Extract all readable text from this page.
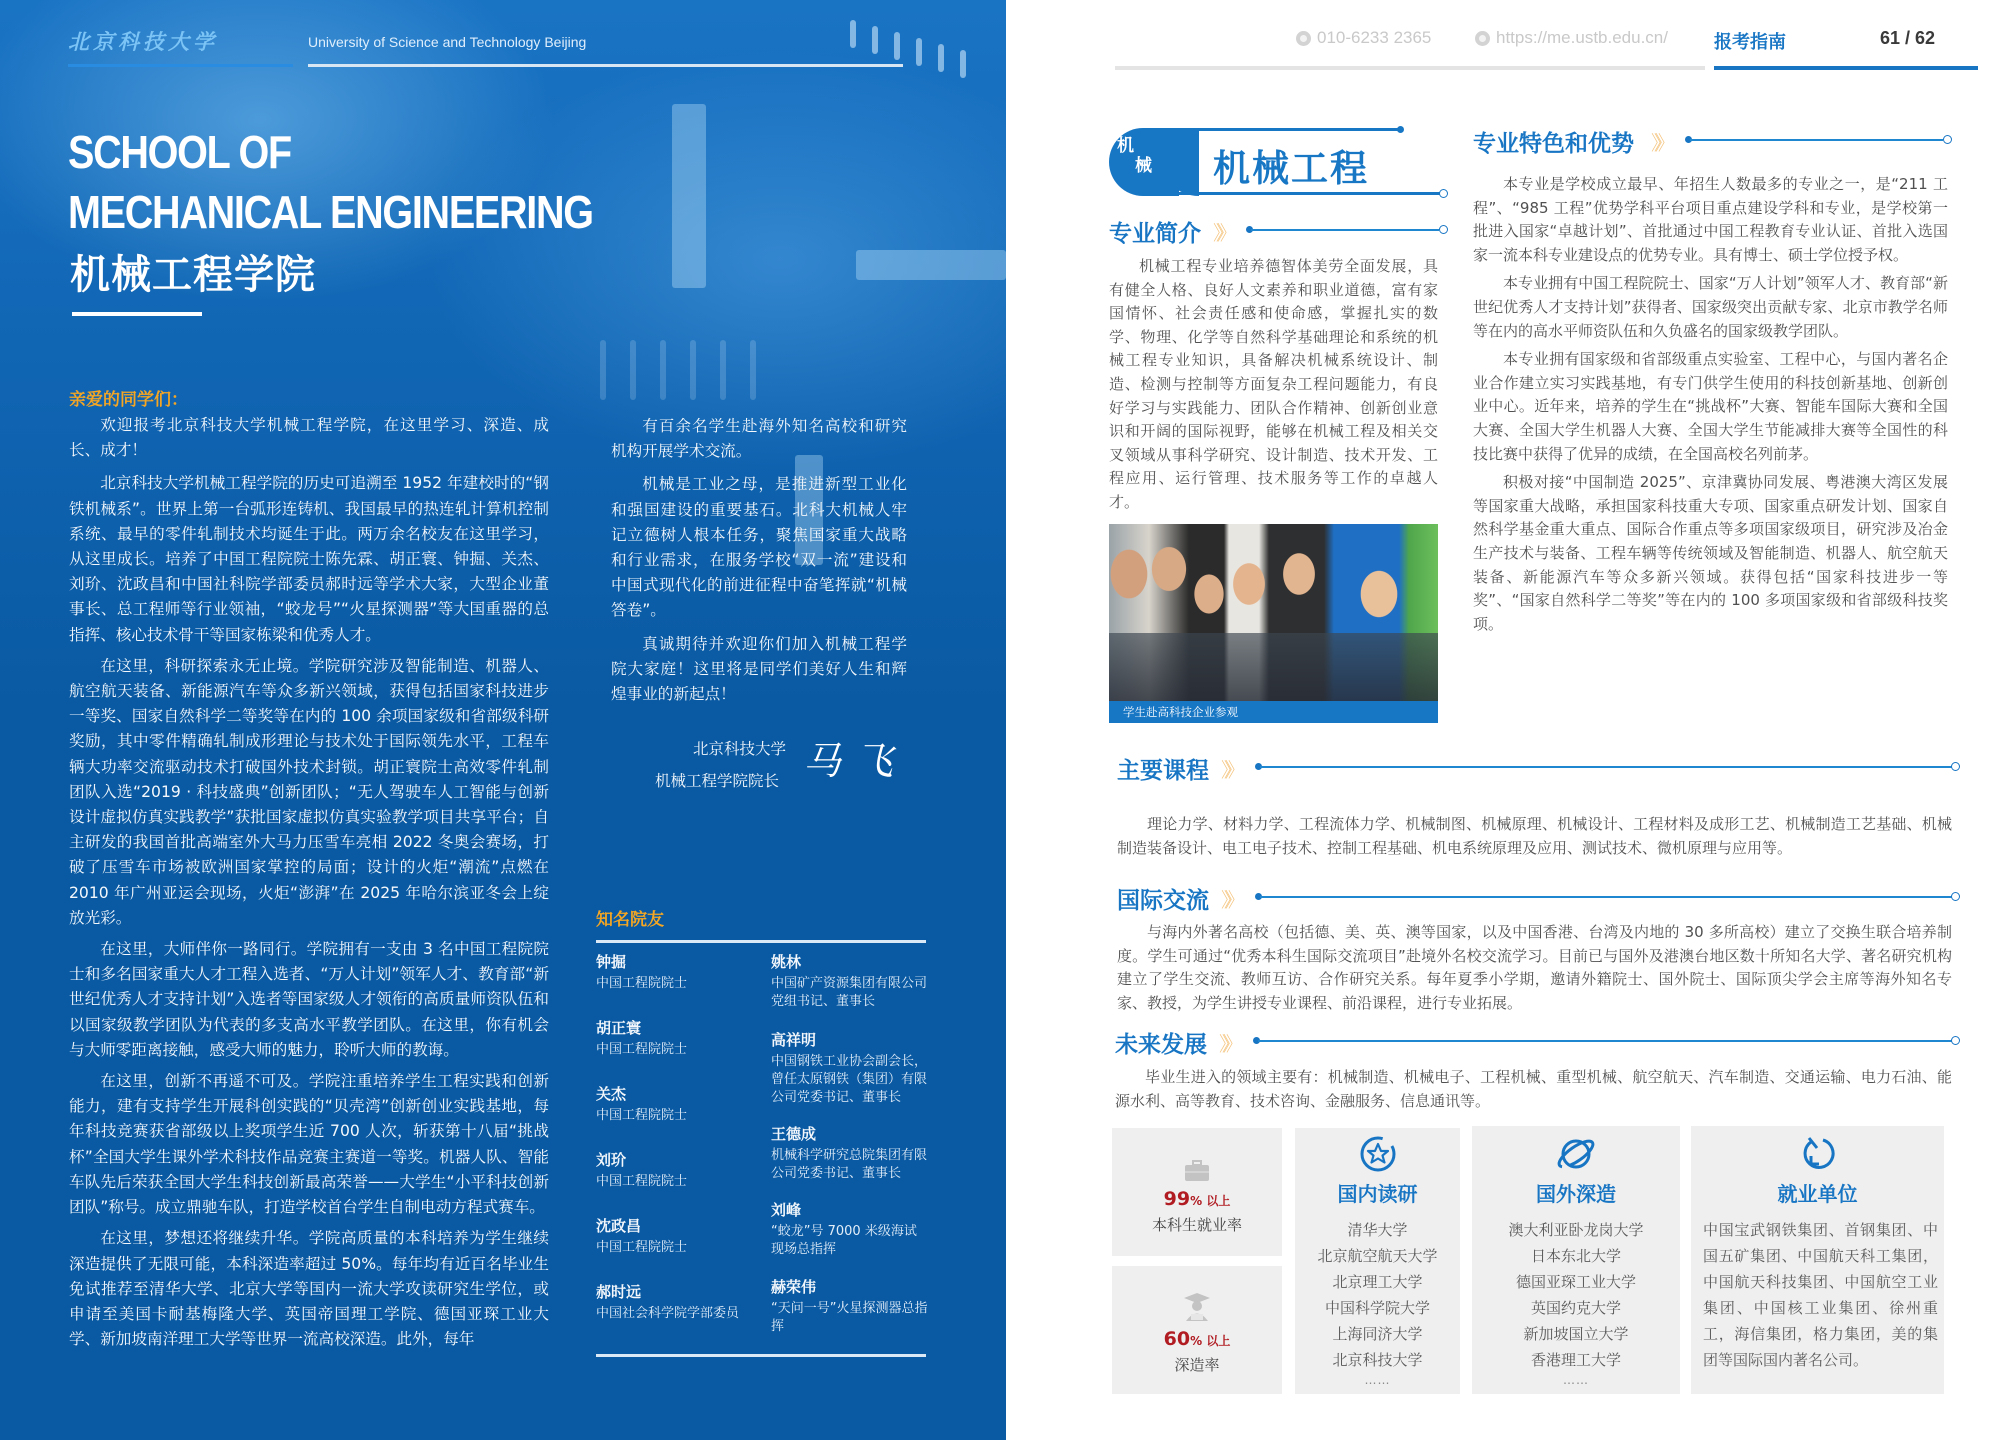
北京科技大学	University of Science and Technology Beijing
SCHOOL OF
MECHANICAL ENGINEERING
机械工程学院
亲爱的同学们：

欢迎报考北京科技大学机械工程学院，在这里学习、深造、成长、成才！

北京科技大学机械工程学院的历史可追溯至 1952 年建校时的“钢铁机械系”。世界上第一台弧形连铸机、我国最早的热连轧计算机控制系统、最早的零件轧制技术均诞生于此。两万余名校友在这里学习，从这里成长。培养了中国工程院院士陈先霖、胡正寰、钟掘、关杰、刘玠、沈政昌和中国社科院学部委员郝时远等学术大家，大型企业董事长、总工程师等行业领袖，“蛟龙号”“火星探测器”等大国重器的总指挥、核心技术骨干等国家栋梁和优秀人才。

在这里，科研探索永无止境。学院研究涉及智能制造、机器人、航空航天装备、新能源汽车等众多新兴领域，获得包括国家科技进步一等奖、国家自然科学二等奖等在内的 100 余项国家级和省部级科研奖励，其中零件精确轧制成形理论与技术处于国际领先水平，工程车辆大功率交流驱动技术打破国外技术封锁。胡正寰院士高效零件轧制团队入选“2019 · 科技盛典”创新团队；“无人驾驶车人工智能与创新设计虚拟仿真实践教学”获批国家虚拟仿真实验教学项目共享平台；自主研发的我国首批高端室外大马力压雪车亮相 2022 冬奥会赛场，打破了压雪车市场被欧洲国家掌控的局面；设计的火炬“潮流”点燃在 2010 年广州亚运会现场，火炬“澎湃”在 2025 年哈尔滨亚冬会上绽放光彩。

在这里，大师伴你一路同行。学院拥有一支由 3 名中国工程院院士和多名国家重大人才工程入选者、“万人计划”领军人才、教育部“新世纪优秀人才支持计划”入选者等国家级人才领衔的高质量师资队伍和以国家级教学团队为代表的多支高水平教学团队。在这里，你有机会与大师零距离接触，感受大师的魅力，聆听大师的教诲。

在这里，创新不再遥不可及。学院注重培养学生工程实践和创新能力，建有支持学生开展科创实践的“贝壳湾”创新创业实践基地，每年科技竞赛获省部级以上奖项学生近 700 人次，斩获第十八届“挑战杯”全国大学生课外学术科技作品竞赛主赛道一等奖。机器人队、智能车队先后荣获全国大学生科技创新最高荣誉——大学生“小平科技创新团队”称号。成立鼎驰车队，打造学校首台学生自制电动方程式赛车。

在这里，梦想还将继续升华。学院高质量的本科培养为学生继续深造提供了无限可能，本科深造率超过 50%。每年均有近百名毕业生免试推荐至清华大学、北京大学等国内一流大学攻读研究生学位，或申请至美国卡耐基梅隆大学、英国帝国理工学院、德国亚琛工业大学、新加坡南洋理工大学等世界一流高校深造。此外，每年

有百余名学生赴海外知名高校和研究机构开展学术交流。

机械是工业之母，是推进新型工业化和强国建设的重要基石。北科大机械人牢记立德树人根本任务，聚焦国家重大战略和行业需求，在服务学校“双一流”建设和中国式现代化的前进征程中奋笔挥就“机械答卷”。

真诚期待并欢迎你们加入机械工程学院大家庭！这里将是同学们美好人生和辉煌事业的新起点！

北京科技大学
机械工程学院院长 马飞
知名院友
钟掘
中国工程院院士
胡正寰
中国工程院院士
关杰
中国工程院院士
刘玠
中国工程院院士
沈政昌
中国工程院院士
郝时远
中国社会科学院学部委员
姚林
中国矿产资源集团有限公司党组书记、董事长
高祥明
中国钢铁工业协会副会长，曾任太原钢铁（集团）有限公司党委书记、董事长
王德成
机械科学研究总院集团有限公司党委书记、董事长
刘峰
“蛟龙”号 7000 米级海试现场总指挥
赫荣伟
“天问一号”火星探测器总指挥
010-6233 2365	https://me.ustb.edu.cn/	报考指南	61 / 62
机
械 机械工程
专业简介 》》

机械工程专业培养德智体美劳全面发展，具有健全人格、良好人文素养和职业道德，富有家国情怀、社会责任感和使命感，掌握扎实的数学、物理、化学等自然科学基础理论和系统的机械工程专业知识，具备解决机械系统设计、制造、检测与控制等方面复杂工程问题能力，有良好学习与实践能力、团队合作精神、创新创业意识和开阔的国际视野，能够在机械工程及相关交叉领域从事科学研究、设计制造、技术开发、工程应用、运行管理、技术服务等工作的卓越人才。

学生赴高科技企业参观
专业特色和优势 》》

本专业是学校成立最早、年招生人数最多的专业之一，是“211 工程”、“985 工程”优势学科平台项目重点建设学科和专业，是学校第一批进入国家“卓越计划”、首批通过中国工程教育专业认证、首批入选国家一流本科专业建设点的优势专业。具有博士、硕士学位授予权。

本专业拥有中国工程院院士、国家“万人计划”领军人才、教育部“新世纪优秀人才支持计划”获得者、国家级突出贡献专家、北京市教学名师等在内的高水平师资队伍和久负盛名的国家级教学团队。

本专业拥有国家级和省部级重点实验室、工程中心，与国内著名企业合作建立实习实践基地，有专门供学生使用的科技创新基地、创新创业中心。近年来，培养的学生在“挑战杯”大赛、智能车国际大赛和全国大赛、全国大学生机器人大赛、全国大学生节能减排大赛等全国性的科技比赛中获得了优异的成绩，在全国高校名列前茅。

积极对接“中国制造 2025”、京津冀协同发展、粤港澳大湾区发展等国家重大战略，承担国家科技重大专项、国家重点研发计划、国家自然科学基金重大重点、国际合作重点等多项国家级项目，研究涉及冶金生产技术与装备、工程车辆等传统领域及智能制造、机器人、航空航天装备、新能源汽车等众多新兴领域。获得包括“国家科技进步一等奖”、“国家自然科学二等奖”等在内的 100 多项国家级和省部级科技奖项。

主要课程 》》

理论力学、材料力学、工程流体力学、机械制图、机械原理、机械设计、工程材料及成形工艺、机械制造工艺基础、机械制造装备设计、电工电子技术、控制工程基础、机电系统原理及应用、测试技术、微机原理与应用等。

国际交流 》》

与海内外著名高校（包括德、美、英、澳等国家，以及中国香港、台湾及内地的 30 多所高校）建立了交换生联合培养制度。学生可通过“优秀本科生国际交流项目”赴境外名校交流学习。目前已与国外及港澳台地区数十所知名大学、著名研究机构建立了学生交流、教师互访、合作研究关系。每年夏季小学期，邀请外籍院士、国外院士、国际顶尖学会主席等海外知名专家、教授，为学生讲授专业课程、前沿课程，进行专业拓展。

未来发展 》》

毕业生进入的领域主要有：机械制造、机械电子、工程机械、重型机械、航空航天、汽车制造、交通运输、电力石油、能源水利、高等教育、技术咨询、金融服务、信息通讯等。

99% 以上
本科生就业率
60% 以上
深造率
国内读研
清华大学
北京航空航天大学
北京理工大学
中国科学院大学
上海同济大学
北京科技大学
……
国外深造
澳大利亚卧龙岗大学
日本东北大学
德国亚琛工业大学
英国约克大学
新加坡国立大学
香港理工大学
……
就业单位
中国宝武钢铁集团、首钢集团、中国五矿集团、中国航天科工集团，中国航天科技集团、中国航空工业集团、中国核工业集团、徐州重工，海信集团，格力集团，美的集团等国际国内著名公司。
